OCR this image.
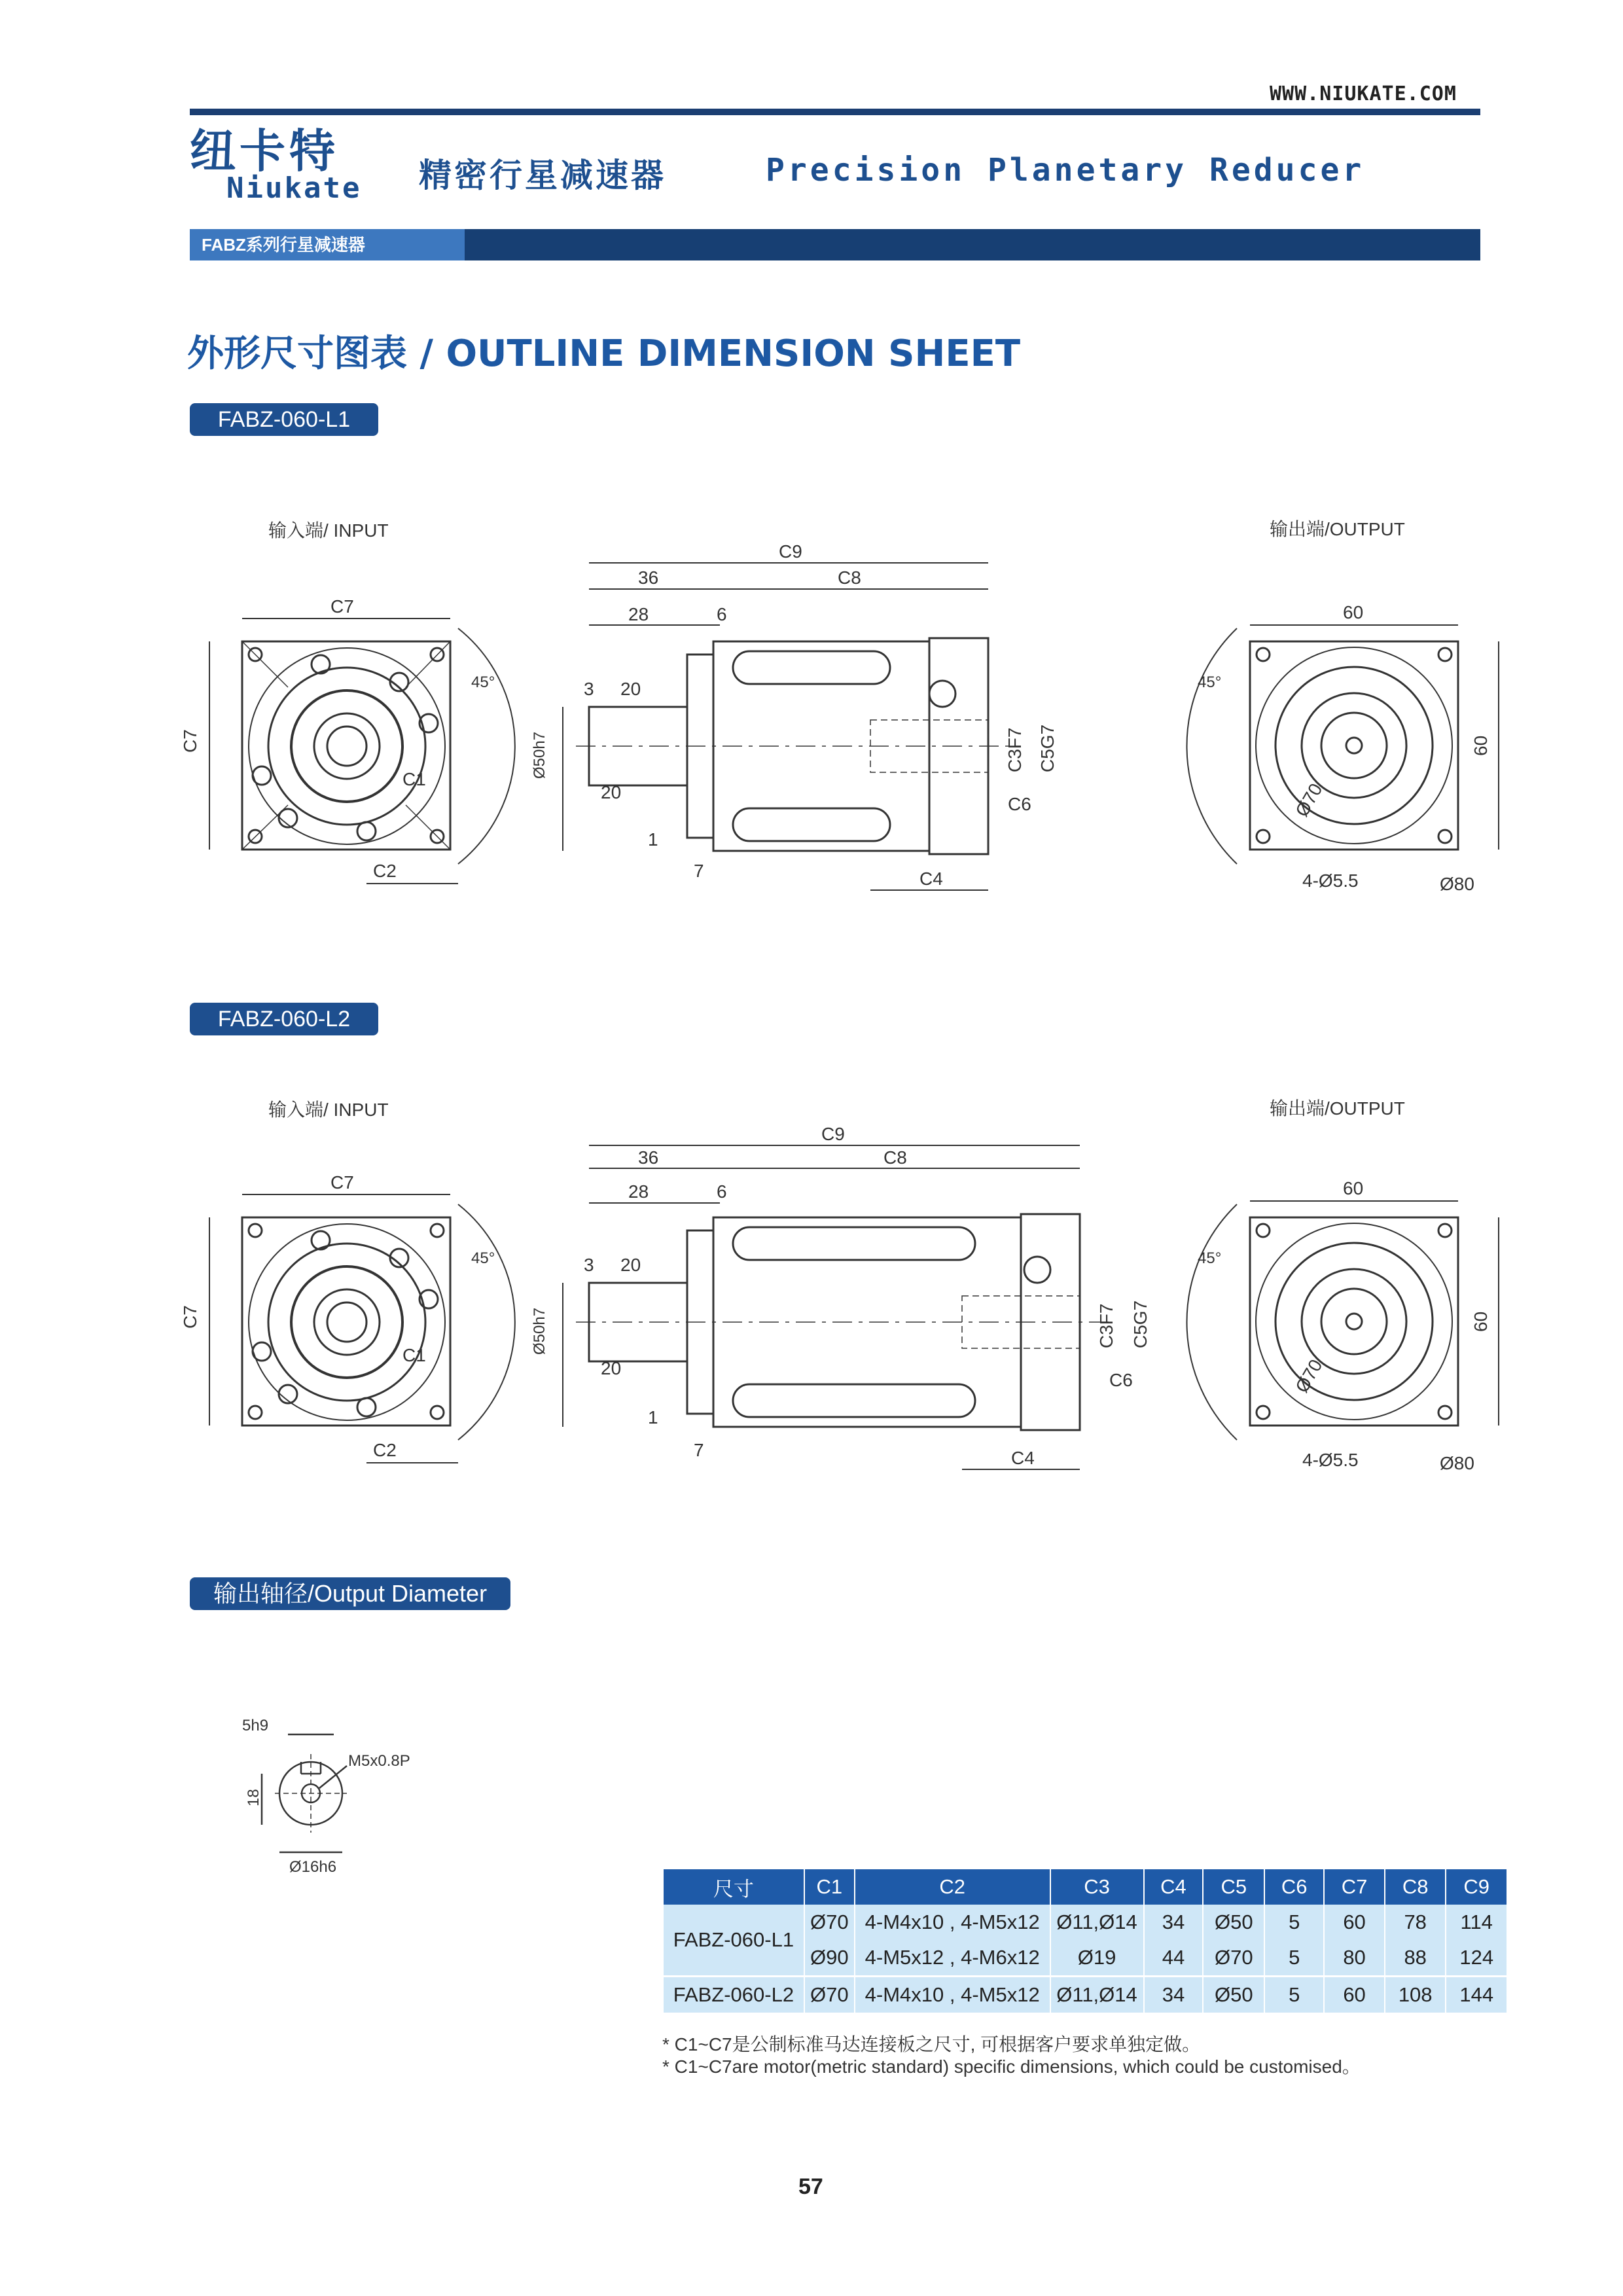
WWW.NIUKATE.COM
纽卡特
Niukate 精密行星减速器	Precision Planetary Reducer
FABZ系列行星减速器
外形尺寸图表 / OUTLINE DIMENSION SHEET
FABZ-060-L1
FABZ-060-L2
输入端/ INPUT	输出端/OUTPUT
C7
C7
C2
C1
45°
C9
C8
36
28	6
3 20
20
1
7
Ø50h7	C3F7 C5G7
C6
C4
60
60
4-Ø5.5	Ø80
Ø70
45°
输入端/ INPUT	输出端/OUTPUT
C7
C7
C2
C1
45°
C9
C8
36
28	6
3 20
20
1
7
Ø50h7	C3F7 C5G7
C6
C4
60
60
4-Ø5.5	Ø80
Ø70
45°
输出轴径/Output Diameter
5h9
18
M5x0.8P
Ø16h6
尺寸	C1	C2	C3	C4	C5	C6	C7	C8	C9
FABZ-060-L1	Ø70	4-M4x10 , 4-M5x12	Ø11,Ø14	34	Ø50	5	60	78	114
	Ø90	4-M5x12 , 4-M6x12	Ø19	44	Ø70	5	80	88	124
FABZ-060-L2	Ø70	4-M4x10 , 4-M5x12	Ø11,Ø14	34	Ø50	5	60	108	144
* C1~C7是公制标准马达连接板之尺寸, 可根据客户要求单独定做。
* C1~C7are motor(metric standard) specific dimensions, which could be customised。
57
